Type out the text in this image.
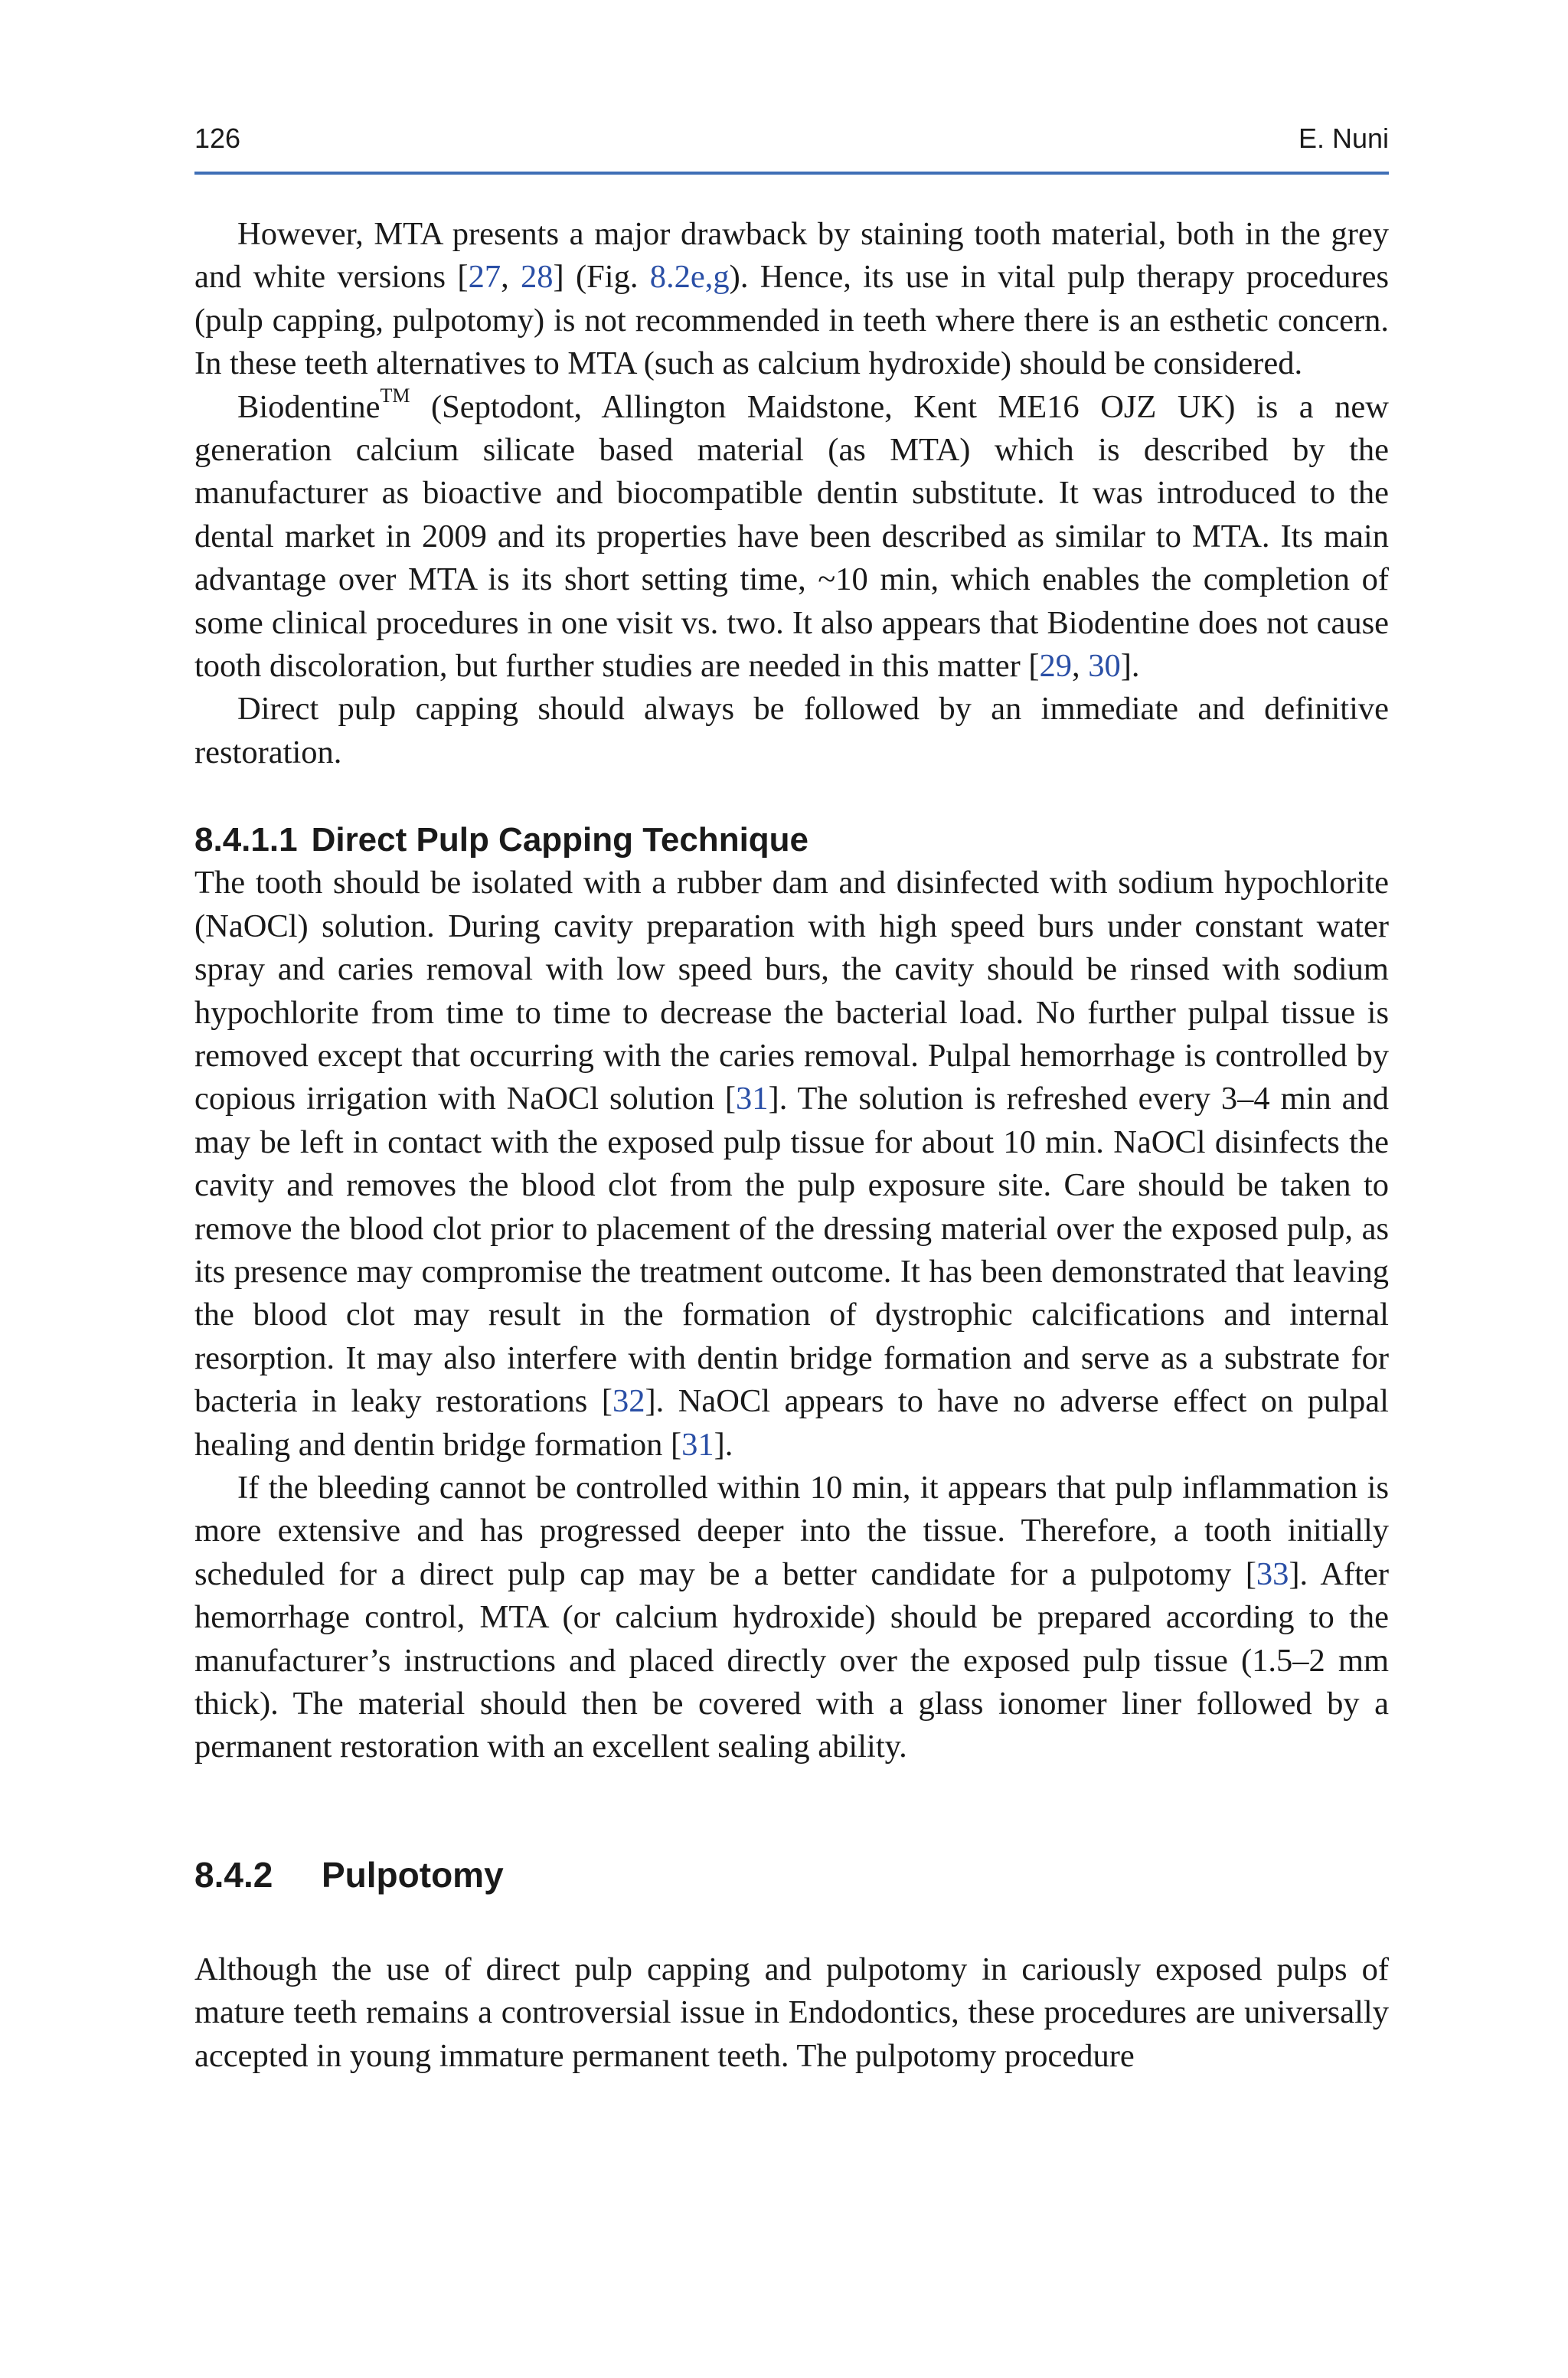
126	E. Nuni

However, MTA presents a major drawback by staining tooth material, both in the grey and white versions [27, 28] (Fig. 8.2e,g). Hence, its use in vital pulp therapy procedures (pulp capping, pulpotomy) is not recommended in teeth where there is an esthetic concern. In these teeth alternatives to MTA (such as calcium hydroxide) should be considered.

Biodentine™ (Septodont, Allington Maidstone, Kent ME16 OJZ UK) is a new generation calcium silicate based material (as MTA) which is described by the manufacturer as bioactive and biocompatible dentin substitute. It was introduced to the dental market in 2009 and its properties have been described as similar to MTA. Its main advantage over MTA is its short setting time, ~10 min, which enables the completion of some clinical procedures in one visit vs. two. It also appears that Biodentine does not cause tooth discoloration, but further studies are needed in this matter [29, 30].

Direct pulp capping should always be followed by an immediate and definitive restoration.

8.4.1.1 Direct Pulp Capping Technique

The tooth should be isolated with a rubber dam and disinfected with sodium hypochlorite (NaOCl) solution. During cavity preparation with high speed burs under constant water spray and caries removal with low speed burs, the cavity should be rinsed with sodium hypochlorite from time to time to decrease the bacterial load. No further pulpal tissue is removed except that occurring with the caries removal. Pulpal hemorrhage is controlled by copious irrigation with NaOCl solution [31]. The solution is refreshed every 3–4 min and may be left in contact with the exposed pulp tissue for about 10 min. NaOCl disinfects the cavity and removes the blood clot from the pulp exposure site. Care should be taken to remove the blood clot prior to placement of the dressing material over the exposed pulp, as its presence may compromise the treatment outcome. It has been demonstrated that leaving the blood clot may result in the formation of dystrophic calcifications and internal resorption. It may also interfere with dentin bridge formation and serve as a substrate for bacteria in leaky restorations [32]. NaOCl appears to have no adverse effect on pulpal healing and dentin bridge formation [31].

If the bleeding cannot be controlled within 10 min, it appears that pulp inflammation is more extensive and has progressed deeper into the tissue. Therefore, a tooth initially scheduled for a direct pulp cap may be a better candidate for a pulpotomy [33]. After hemorrhage control, MTA (or calcium hydroxide) should be prepared according to the manufacturer’s instructions and placed directly over the exposed pulp tissue (1.5–2 mm thick). The material should then be covered with a glass ionomer liner followed by a permanent restoration with an excellent sealing ability.

8.4.2 Pulpotomy

Although the use of direct pulp capping and pulpotomy in cariously exposed pulps of mature teeth remains a controversial issue in Endodontics, these procedures are universally accepted in young immature permanent teeth. The pulpotomy procedure
